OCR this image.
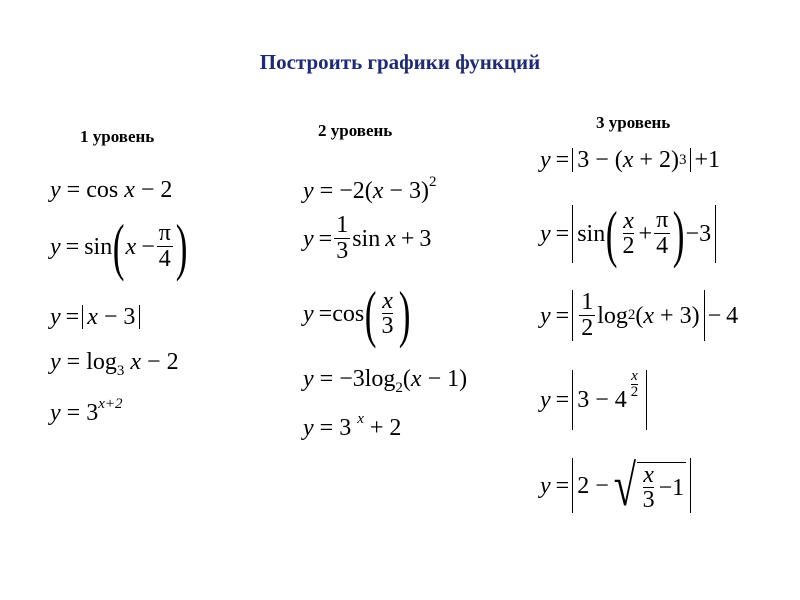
Построить графики функций
1 уровень	2 уровень	3 уровень
y = cos x − 2
y = sin ( $x - \frac{\pi}{4}$ )
y = x
−
3
$y = \log_3 x - 2$
$y = 3^{x+2}$
$y = -2(x - 3)^2$
$y = \frac{1}{3}$ sin x + 3
y = cos ( $\frac{x}{3}$ )
$y = -3\log_2(x - 1)$
y = 3 $^x$ + 2
y = 3
−
( x
+
2 ) 3 + 1
y = sin ( $\frac{x}{2} + \frac{\pi}{4}$ ) − 3
$y = \frac{1}{2}$ log 2 ( x
+
3 ) − 4
y = 3
−
$4 \frac{x}{2}$
y = 2
− √ $\frac{x}{3} - 1$
